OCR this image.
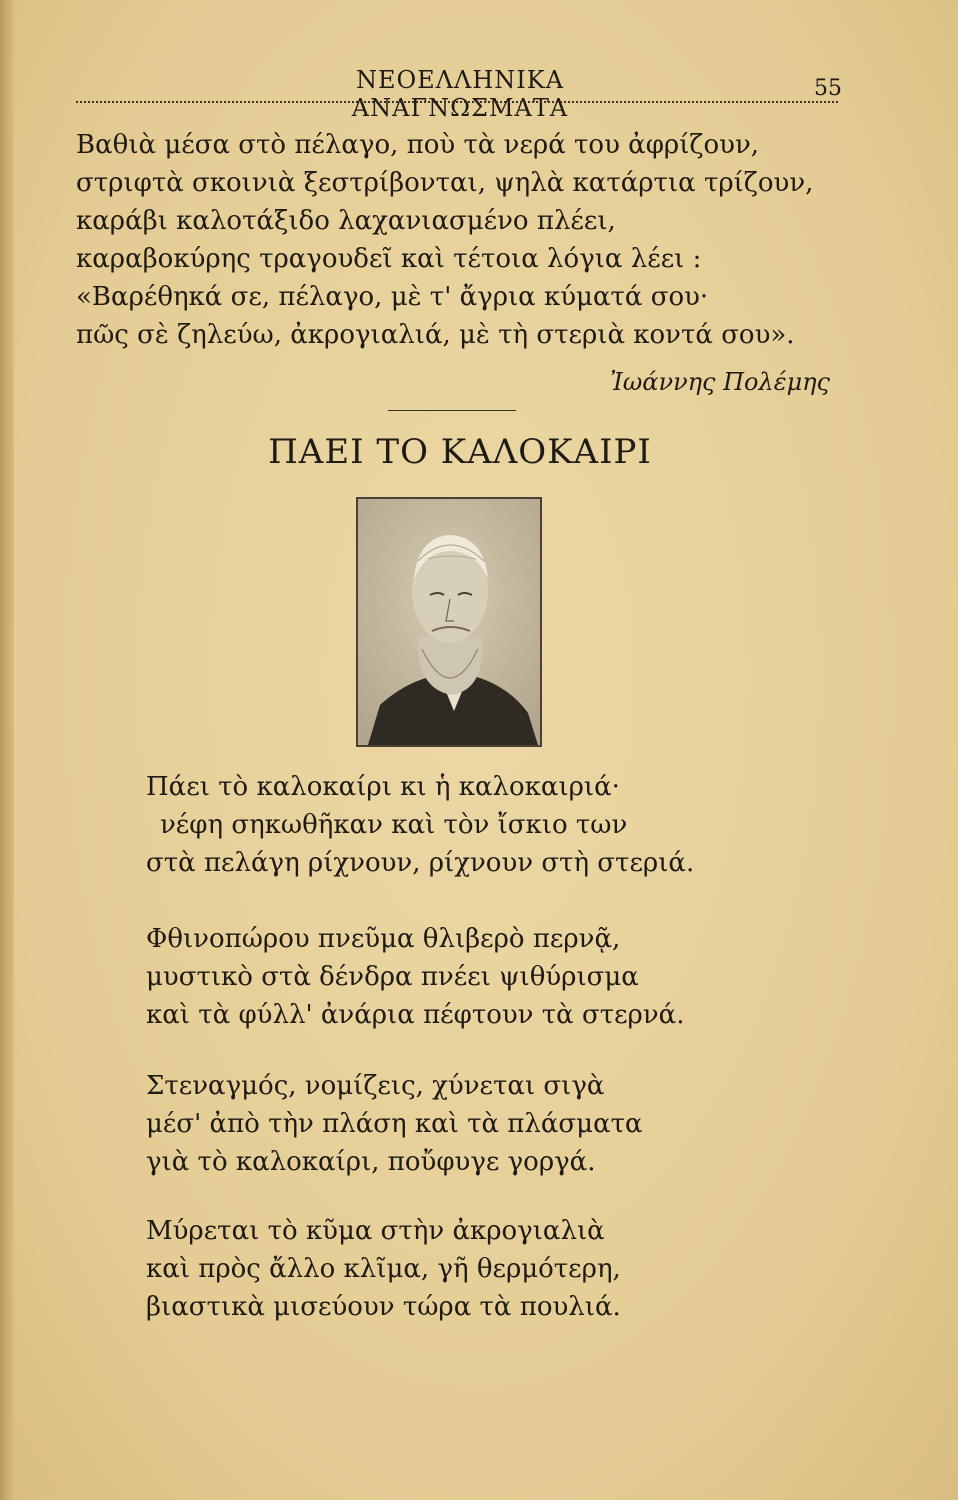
ΝΕΟΕΛΛΗΝΙΚΑ ΑΝΑΓΝΩΣΜΑΤΑ
55
Βαθιὰ μέσα στὸ πέλαγο, ποὺ τὰ νερά του ἀφρίζουν,
στριφτὰ σκοινιὰ ξεστρίβονται, ψηλὰ κατάρτια τρίζουν,
καράβι καλοτάξιδο λαχανιασμένο πλέει,
καραβοκύρης τραγουδεῖ καὶ τέτοια λόγια λέει :
«Βαρέθηκά σε, πέλαγο, μὲ τ' ἄγρια κύματά σου·
πῶς σὲ ζηλεύω, ἀκρογιαλιά, μὲ τὴ στεριὰ κοντά σου».
Ἰωάννης Πολέμης
ΠΑΕΙ ΤΟ ΚΑΛΟΚΑΙΡΙ
Πάει τὸ καλοκαίρι κι ἡ καλοκαιριά·
νέφη σηκωθῆκαν καὶ τὸν ἴσκιο των
στὰ πελάγη ρίχνουν, ρίχνουν στὴ στεριά.
Φθινοπώρου πνεῦμα θλιβερὸ περνᾷ,
μυστικὸ στὰ δένδρα πνέει ψιθύρισμα
καὶ τὰ φύλλ' ἀνάρια πέφτουν τὰ στερνά.
Στεναγμός, νομίζεις, χύνεται σιγὰ
μέσ' ἀπὸ τὴν πλάση καὶ τὰ πλάσματα
γιὰ τὸ καλοκαίρι, ποὔφυγε γοργά.
Μύρεται τὸ κῦμα στὴν ἀκρογιαλιὰ
καὶ πρὸς ἄλλο κλῖμα, γῆ θερμότερη,
βιαστικὰ μισεύουν τώρα τὰ πουλιά.
